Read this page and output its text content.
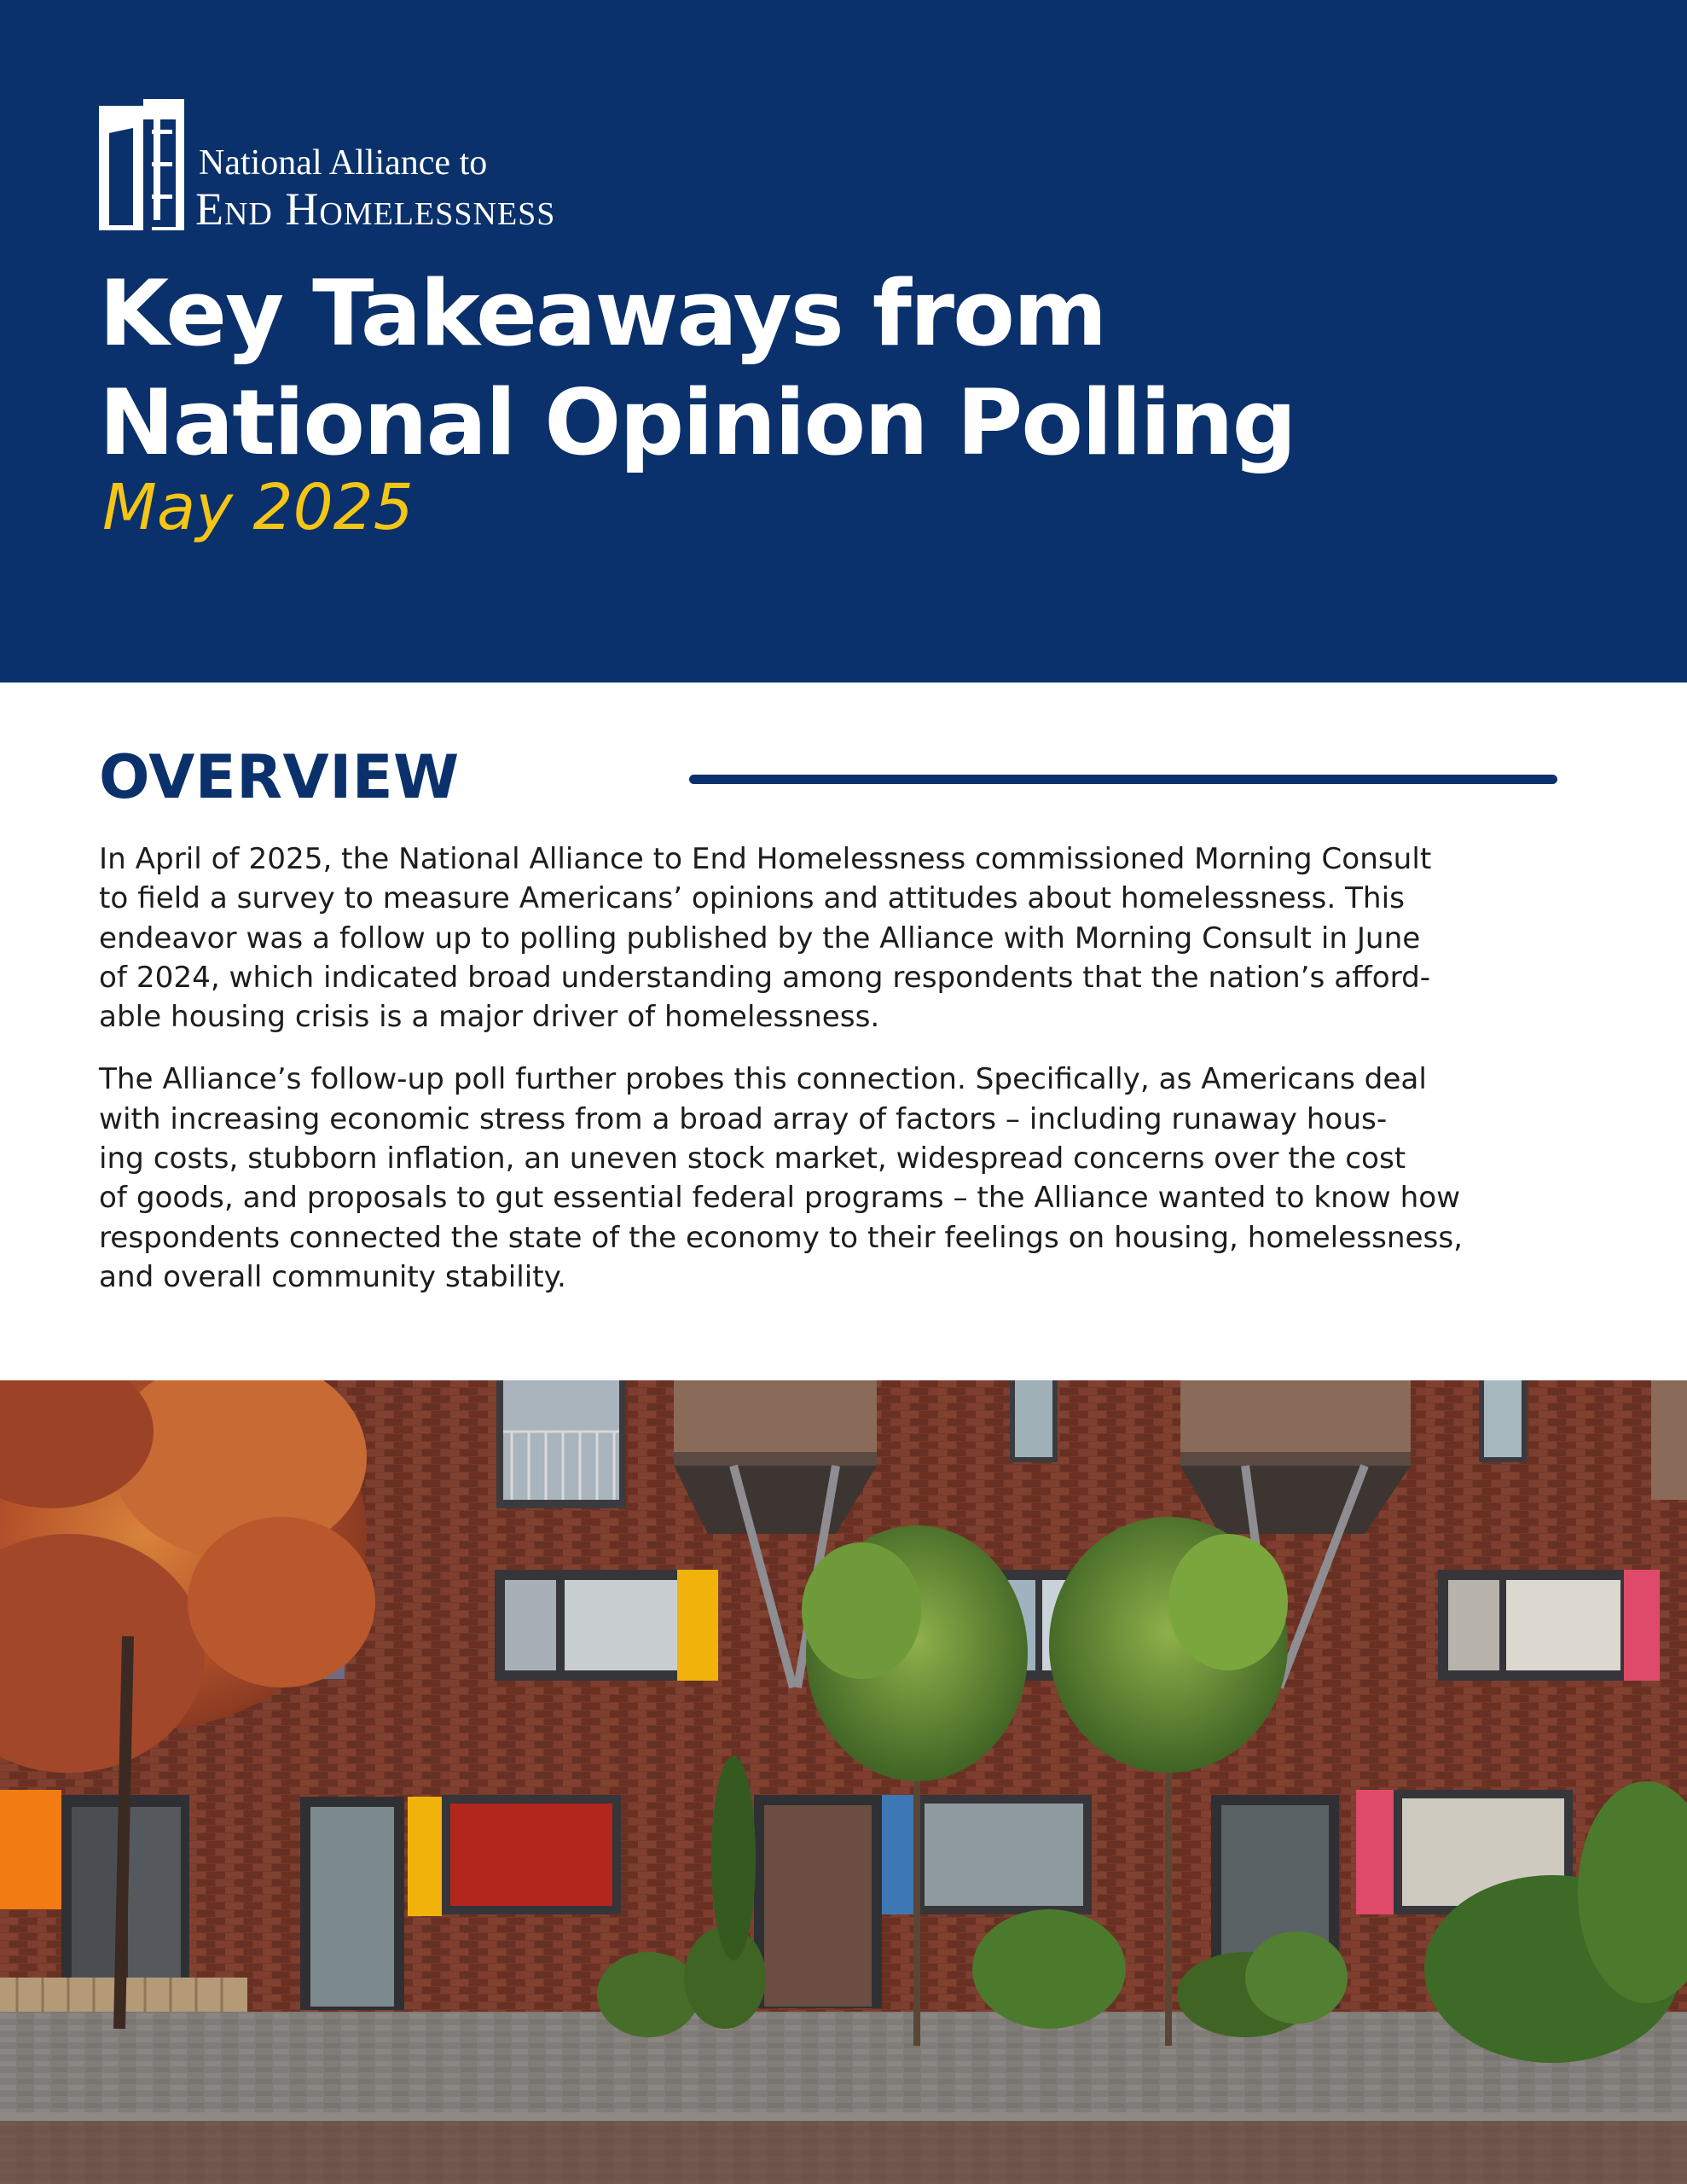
National Alliance to
End Homelessness
Key Takeaways from
National Opinion Polling
May 2025
OVERVIEW

In April of 2025, the National Alliance to End Homelessness commissioned Morning Consult
to field a survey to measure Americans’ opinions and attitudes about homelessness. This
endeavor was a follow up to polling published by the Alliance with Morning Consult in June
of 2024, which indicated broad understanding among respondents that the nation’s afford-
able housing crisis is a major driver of homelessness.

The Alliance’s follow-up poll further probes this connection. Specifically, as Americans deal
with increasing economic stress from a broad array of factors – including runaway hous-
ing costs, stubborn inflation, an uneven stock market, widespread concerns over the cost
of goods, and proposals to gut essential federal programs – the Alliance wanted to know how
respondents connected the state of the economy to their feelings on housing, homelessness,
and overall community stability.
